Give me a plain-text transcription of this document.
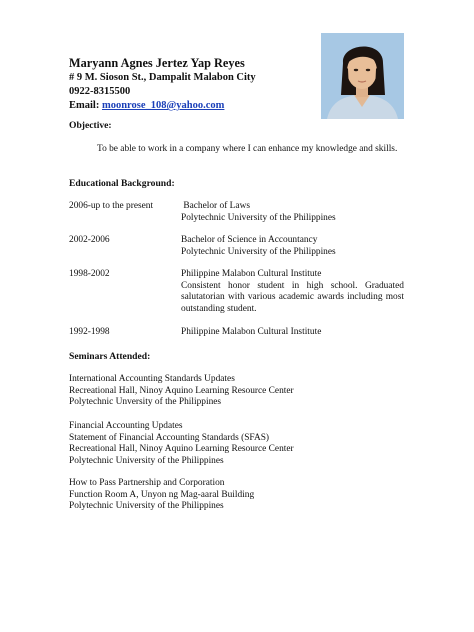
Maryann Agnes Jertez Yap Reyes
# 9 M. Sioson St., Dampalit Malabon City
0922-8315500
Email: moonrose_108@yahoo.com
Objective:
To be able to work in a company where I can enhance my knowledge and skills.
Educational Background:
2006-up to the present	Bachelor of Laws
Polytechnic University of the Philippines
2002-2006	Bachelor of Science in Accountancy
Polytechnic University of the Philippines
1998-2002	Philippine Malabon Cultural Institute
Consistent honor student in high school. Graduated salutatorian with various academic awards including most outstanding student.
1992-1998	Philippine Malabon Cultural Institute
Seminars Attended:
International Accounting Standards Updates
Recreational Hall, Ninoy Aquino Learning Resource Center
Polytechnic Unversity of the Philippines
Financial Accounting Updates
Statement of Financial Accounting Standards (SFAS)
Recreational Hall, Ninoy Aquino Learning Resource Center
Polytechnic University of the Philippines
How to Pass Partnership and Corporation
Function Room A, Unyon ng Mag-aaral Building
Polytechnic University of the Philippines
